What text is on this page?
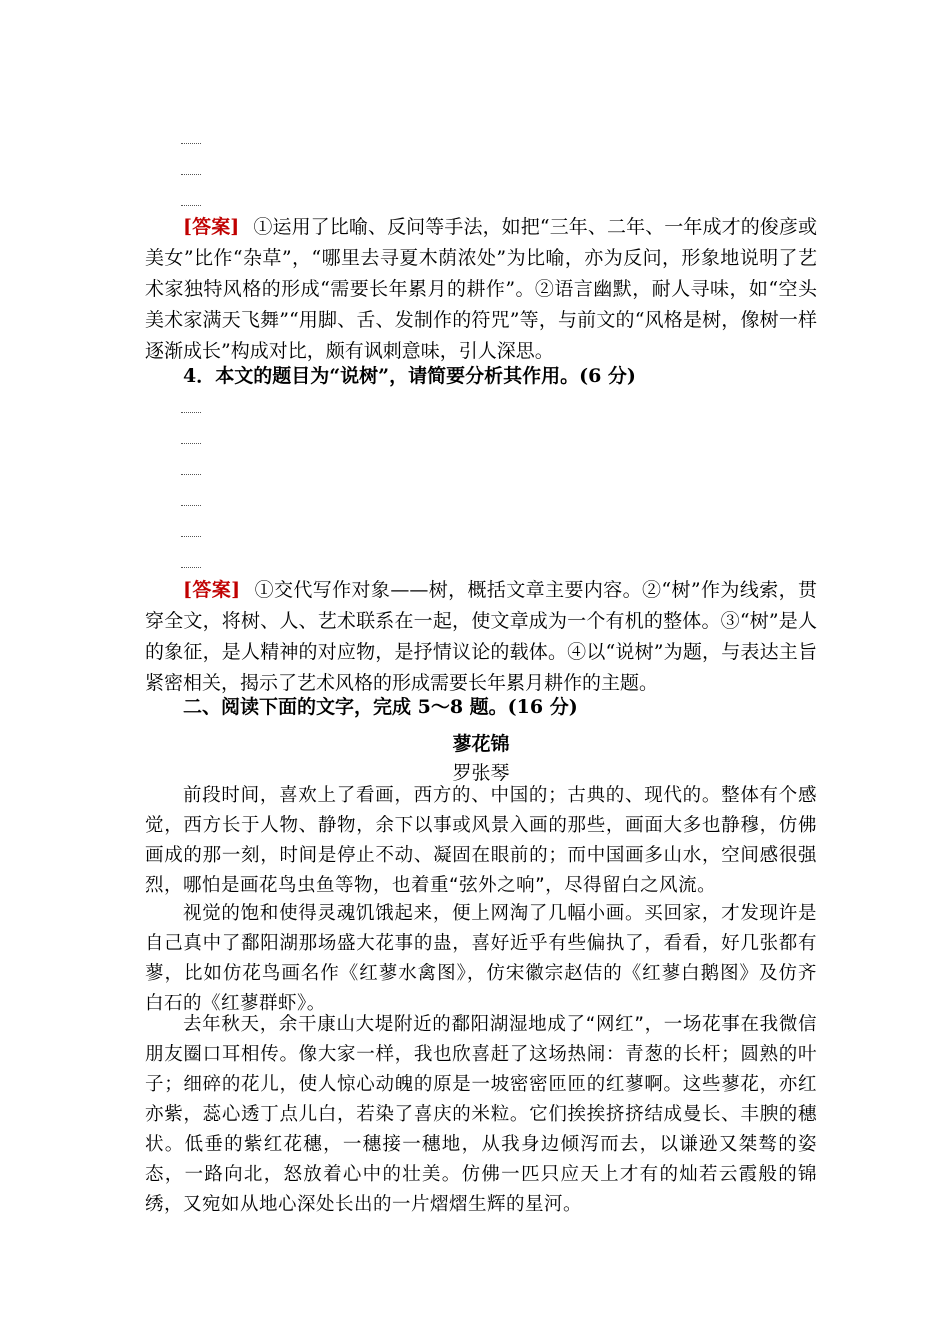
[答案] ①运用了比喻、反问等手法，如把“三年、二年、一年成才的俊彦或美女”比作“杂草”，“哪里去寻夏木荫浓处”为比喻，亦为反问，形象地说明了艺术家独特风格的形成“需要长年累月的耕作”。②语言幽默，耐人寻味，如“空头美术家满天飞舞”“用脚、舌、发制作的符咒”等，与前文的“风格是树，像树一样逐渐成长”构成对比，颇有讽刺意味，引人深思。

4．本文的题目为“说树”，请简要分析其作用。(6 分)

[答案] ①交代写作对象——树，概括文章主要内容。②“树”作为线索，贯穿全文，将树、人、艺术联系在一起，使文章成为一个有机的整体。③“树”是人的象征，是人精神的对应物，是抒情议论的载体。④以“说树”为题，与表达主旨紧密相关，揭示了艺术风格的形成需要长年累月耕作的主题。

二、阅读下面的文字，完成 5～8 题。(16 分)

蓼花锦
罗张琴

前段时间，喜欢上了看画，西方的、中国的；古典的、现代的。整体有个感觉，西方长于人物、静物，余下以事或风景入画的那些，画面大多也静穆，仿佛画成的那一刻，时间是停止不动、凝固在眼前的；而中国画多山水，空间感很强烈，哪怕是画花鸟虫鱼等物，也着重“弦外之响”，尽得留白之风流。

视觉的饱和使得灵魂饥饿起来，便上网淘了几幅小画。买回家，才发现许是自己真中了鄱阳湖那场盛大花事的蛊，喜好近乎有些偏执了，看看，好几张都有蓼，比如仿花鸟画名作《红蓼水禽图》，仿宋徽宗赵佶的《红蓼白鹅图》及仿齐白石的《红蓼群虾》。

去年秋天，余干康山大堤附近的鄱阳湖湿地成了“网红”，一场花事在我微信朋友圈口耳相传。像大家一样，我也欣喜赶了这场热闹：青葱的长杆；圆熟的叶子；细碎的花儿，使人惊心动魄的原是一坡密密匝匝的红蓼啊。这些蓼花，亦红亦紫，蕊心透丁点儿白，若染了喜庆的米粒。它们挨挨挤挤结成曼长、丰腴的穗状。低垂的紫红花穗，一穗接一穗地，从我身边倾泻而去，以谦逊又桀骜的姿态，一路向北，怒放着心中的壮美。仿佛一匹只应天上才有的灿若云霞般的锦绣，又宛如从地心深处长出的一片熠熠生辉的星河。
